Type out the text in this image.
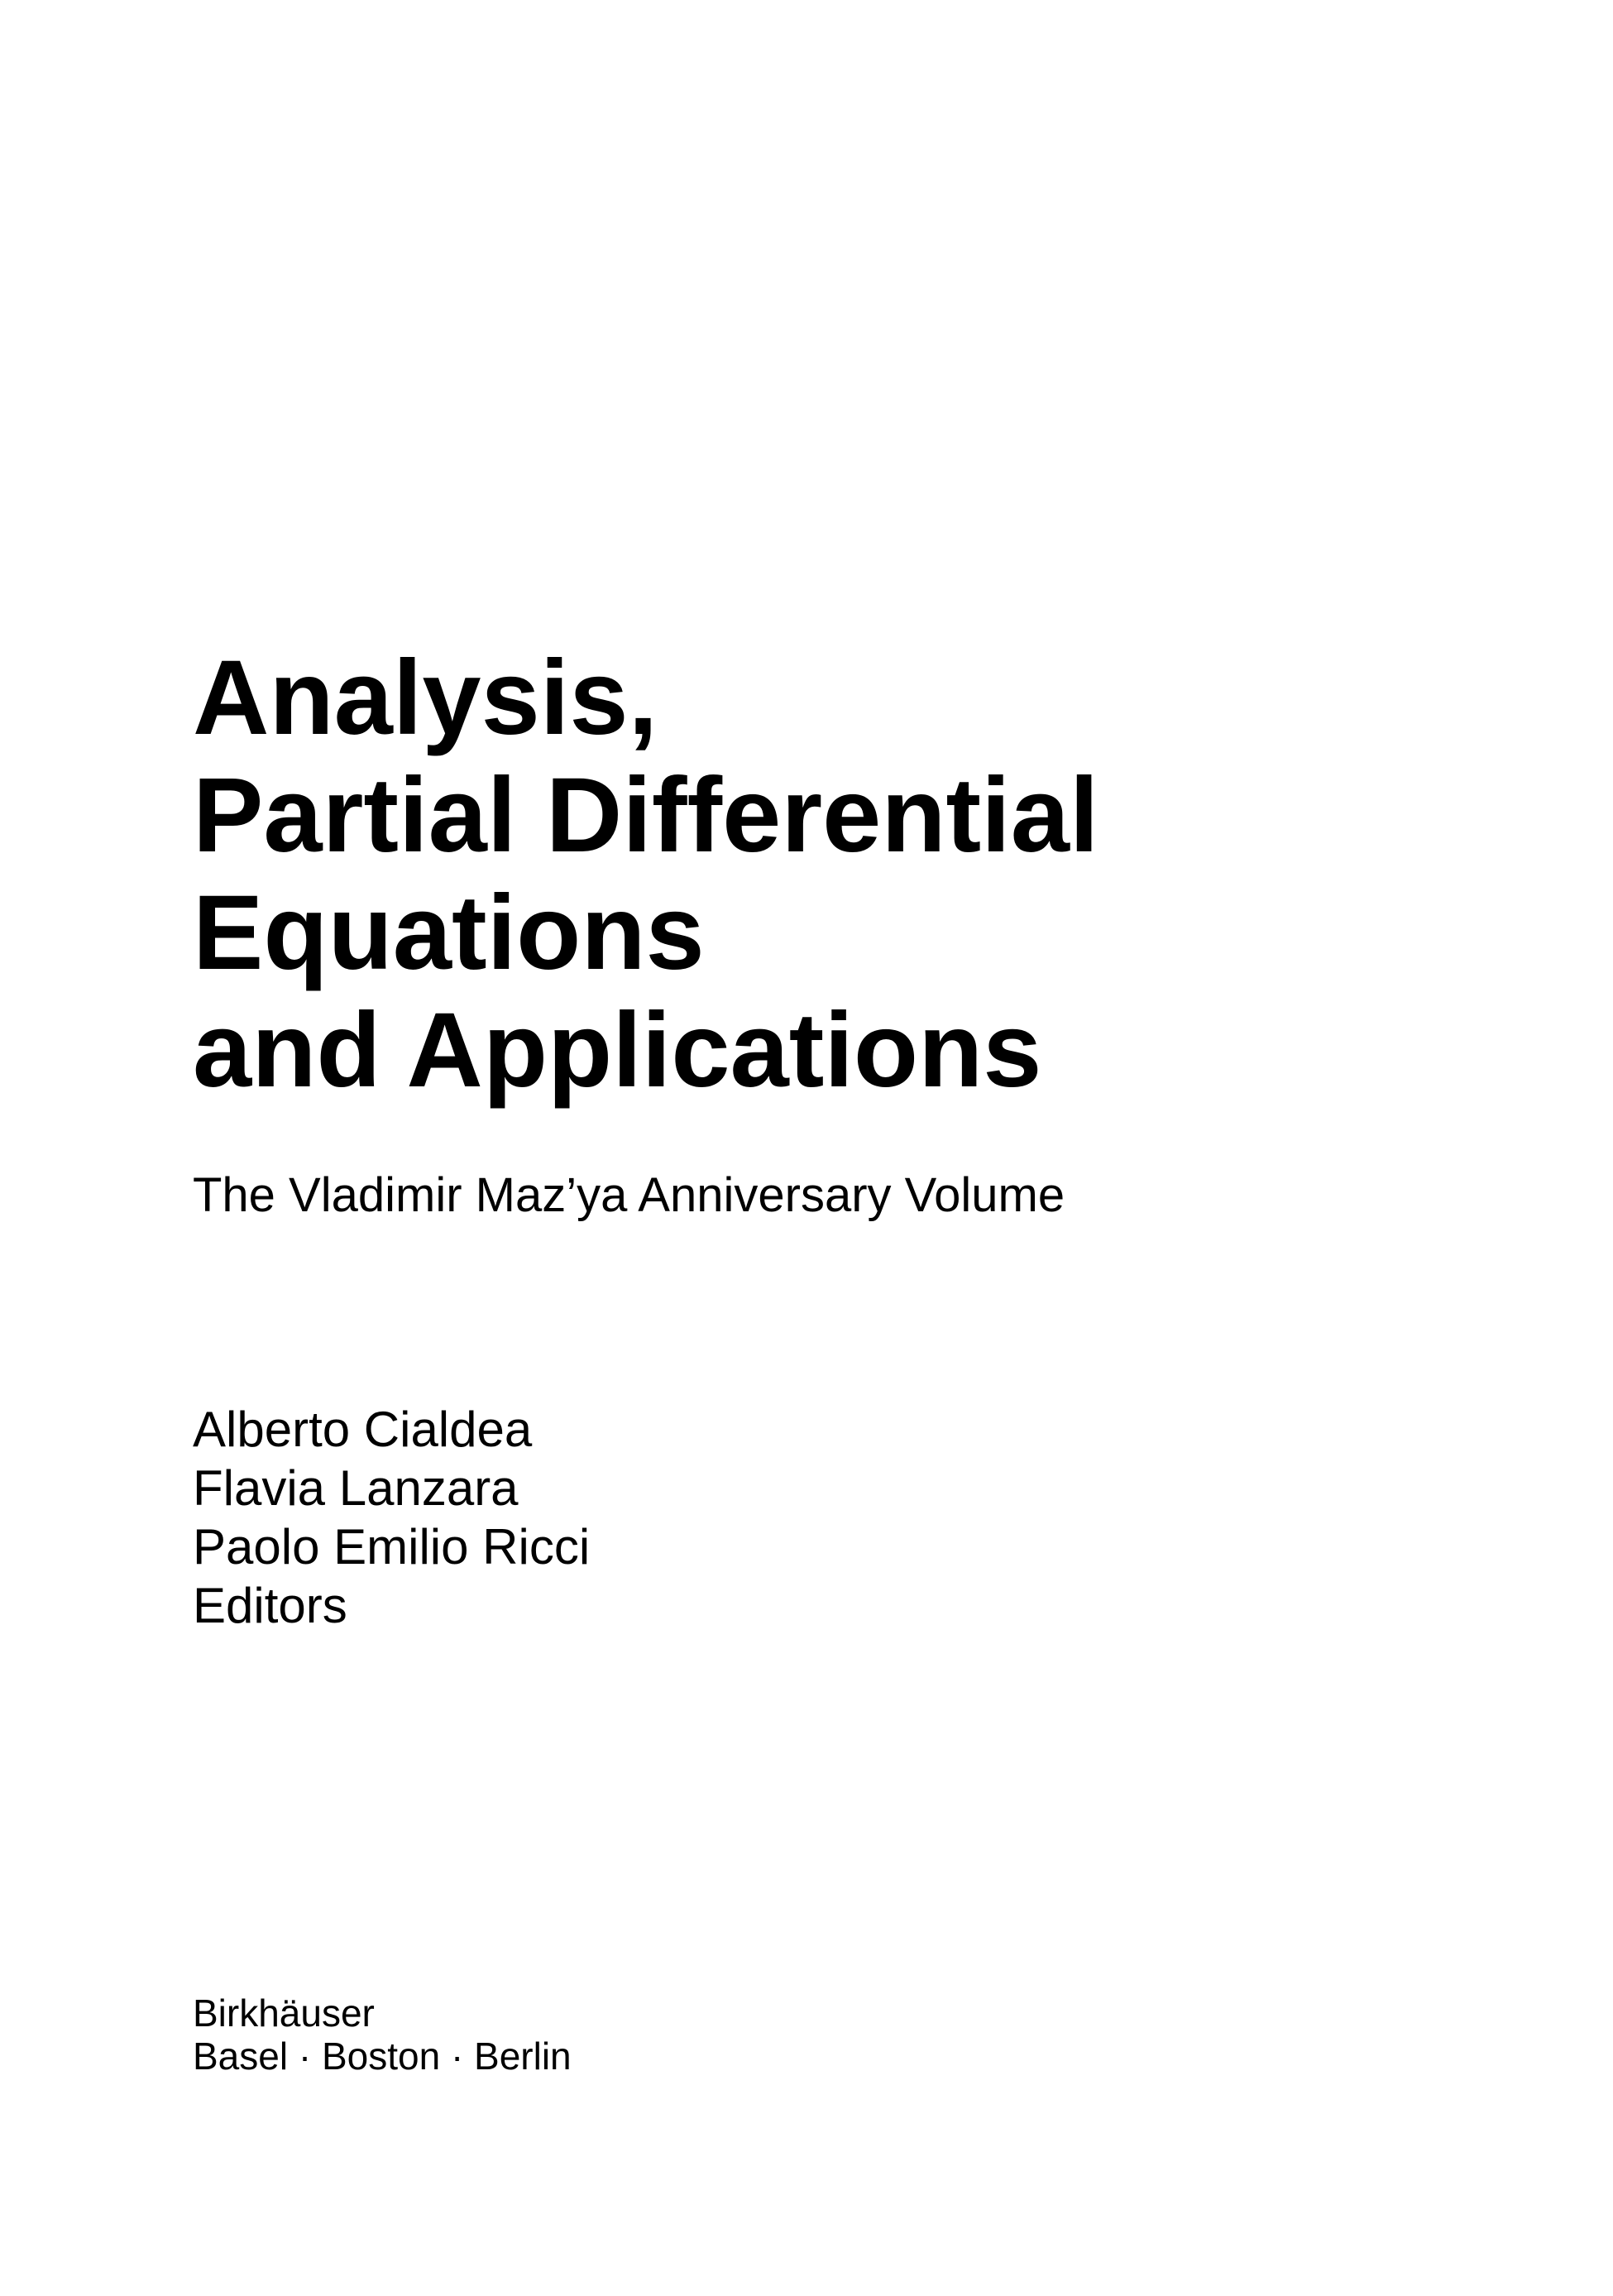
Analysis,
Partial Differential
Equations
and Applications

The Vladimir Maz’ya Anniversary Volume

Alberto Cialdea
Flavia Lanzara
Paolo Emilio Ricci
Editors
Birkhäuser
Basel · Boston · Berlin
